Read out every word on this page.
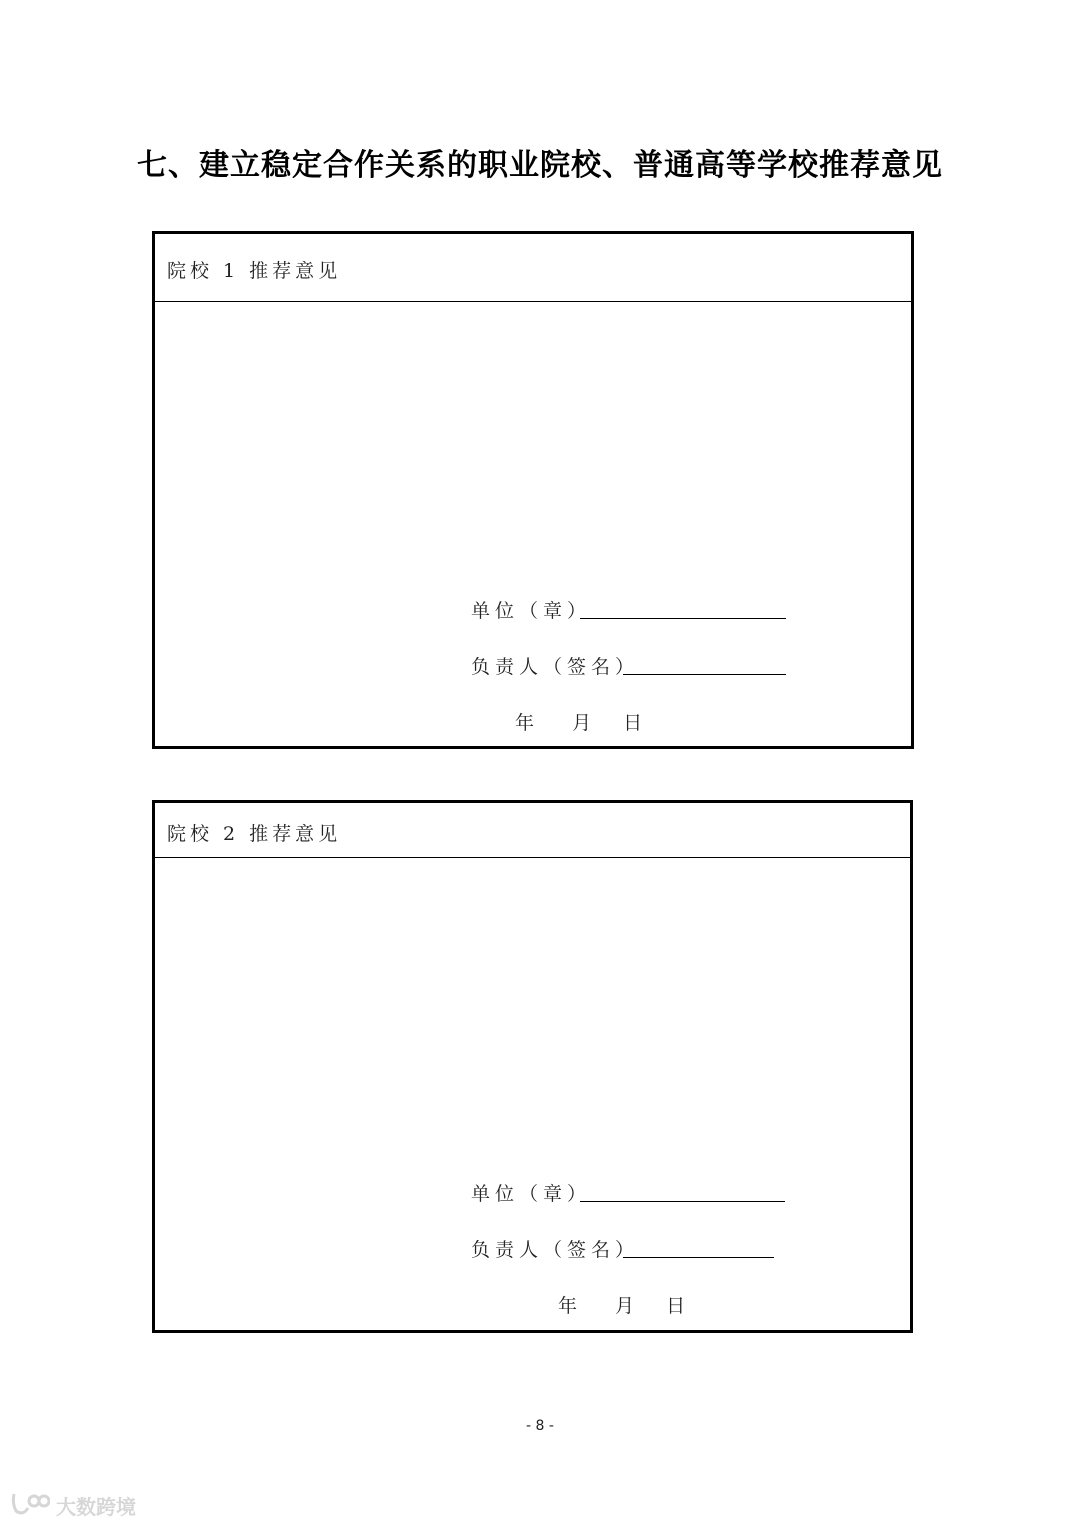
七、建立稳定合作关系的职业院校、普通高等学校推荐意见
院校 1 推荐意见
单位（章）
负责人（签名）
年 月 日
院校 2 推荐意见
单位（章）
负责人（签名）
年 月 日
- 8 -
大数跨境
